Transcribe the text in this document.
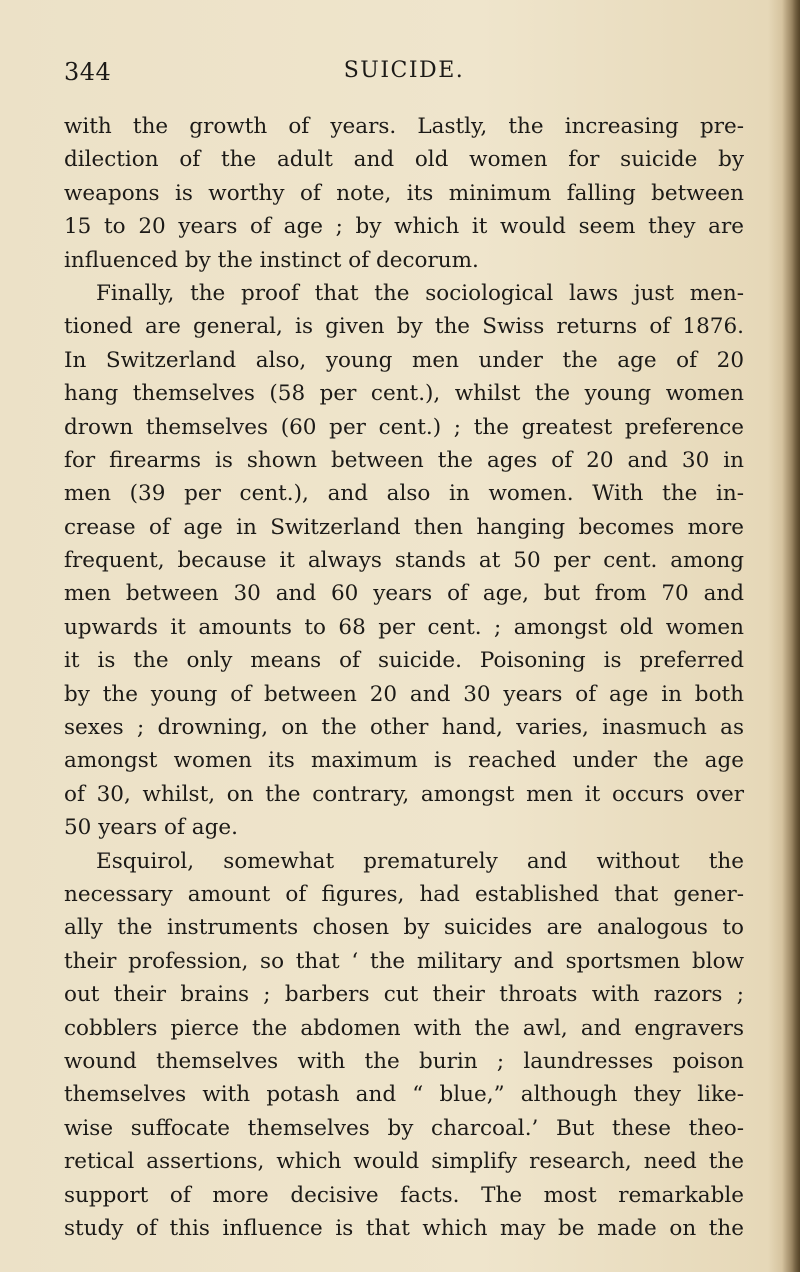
344	SUICIDE.
with the growth of years. Lastly, the increasing pre-
dilection of the adult and old women for suicide by
weapons is worthy of note, its minimum falling between
15 to 20 years of age ; by which it would seem they are
influenced by the instinct of decorum.
Finally, the proof that the sociological laws just men-
tioned are general, is given by the Swiss returns of 1876.
In Switzerland also, young men under the age of 20
hang themselves (58 per cent.), whilst the young women
drown themselves (60 per cent.) ; the greatest preference
for firearms is shown between the ages of 20 and 30 in
men (39 per cent.), and also in women. With the in-
crease of age in Switzerland then hanging becomes more
frequent, because it always stands at 50 per cent. among
men between 30 and 60 years of age, but from 70 and
upwards it amounts to 68 per cent. ; amongst old women
it is the only means of suicide. Poisoning is preferred
by the young of between 20 and 30 years of age in both
sexes ; drowning, on the other hand, varies, inasmuch as
amongst women its maximum is reached under the age
of 30, whilst, on the contrary, amongst men it occurs over
50 years of age.
Esquirol, somewhat prematurely and without the
necessary amount of figures, had established that gener-
ally the instruments chosen by suicides are analogous to
their profession, so that ‘ the military and sportsmen blow
out their brains ; barbers cut their throats with razors ;
cobblers pierce the abdomen with the awl, and engravers
wound themselves with the burin ; laundresses poison
themselves with potash and “ blue,” although they like-
wise suffocate themselves by charcoal.’ But these theo-
retical assertions, which would simplify research, need the
support of more decisive facts. The most remarkable
study of this influence is that which may be made on the
